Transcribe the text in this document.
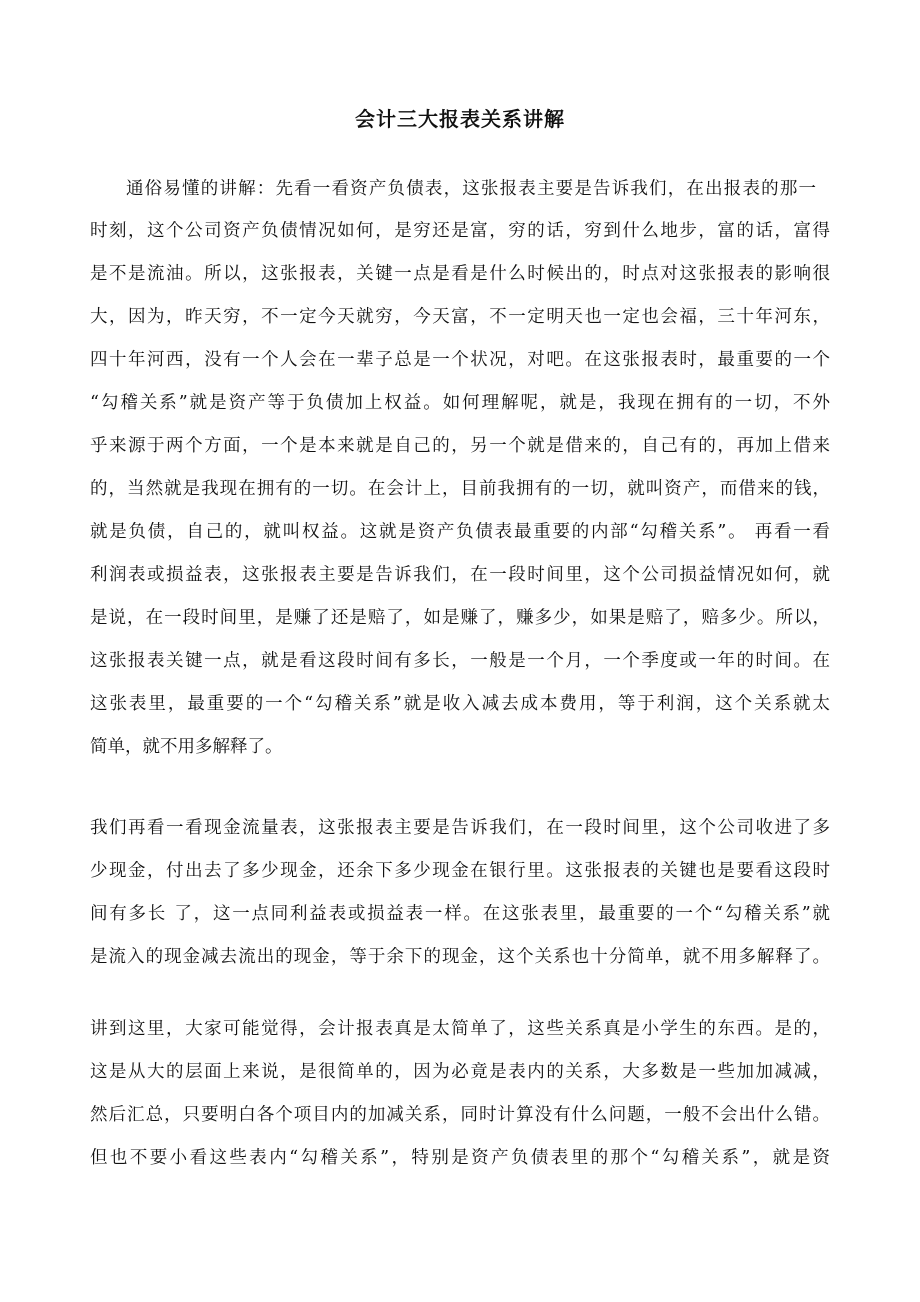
会计三大报表关系讲解
通俗易懂的讲解：先看一看资产负债表，这张报表主要是告诉我们，在出报表的那一
时刻，这个公司资产负债情况如何，是穷还是富，穷的话，穷到什么地步，富的话，富得
是不是流油。所以，这张报表，关键一点是看是什么时候出的，时点对这张报表的影响很
大，因为，昨天穷，不一定今天就穷，今天富，不一定明天也一定也会福，三十年河东，
四十年河西，没有一个人会在一辈子总是一个状况，对吧。在这张报表时，最重要的一个
“勾稽关系”就是资产等于负债加上权益。如何理解呢，就是，我现在拥有的一切，不外
乎来源于两个方面，一个是本来就是自己的，另一个就是借来的，自己有的，再加上借来
的，当然就是我现在拥有的一切。在会计上，目前我拥有的一切，就叫资产，而借来的钱，
就是负债，自己的，就叫权益。这就是资产负债表最重要的内部“勾稽关系”。 再看一看
利润表或损益表，这张报表主要是告诉我们，在一段时间里，这个公司损益情况如何，就
是说，在一段时间里，是赚了还是赔了，如是赚了，赚多少，如果是赔了，赔多少。所以，
这张报表关键一点，就是看这段时间有多长，一般是一个月，一个季度或一年的时间。在
这张表里，最重要的一个“勾稽关系”就是收入减去成本费用，等于利润，这个关系就太
简单，就不用多解释了。
我们再看一看现金流量表，这张报表主要是告诉我们，在一段时间里，这个公司收进了多
少现金，付出去了多少现金，还余下多少现金在银行里。这张报表的关键也是要看这段时
间有多长 了，这一点同利益表或损益表一样。在这张表里，最重要的一个“勾稽关系”就
是流入的现金减去流出的现金，等于余下的现金，这个关系也十分简单，就不用多解释了。
讲到这里，大家可能觉得，会计报表真是太简单了，这些关系真是小学生的东西。是的，
这是从大的层面上来说，是很简单的，因为必竟是表内的关系，大多数是一些加加减减，
然后汇总，只要明白各个项目内的加减关系，同时计算没有什么问题，一般不会出什么错。
但也不要小看这些表内“勾稽关系”，特别是资产负债表里的那个“勾稽关系”，就是资
